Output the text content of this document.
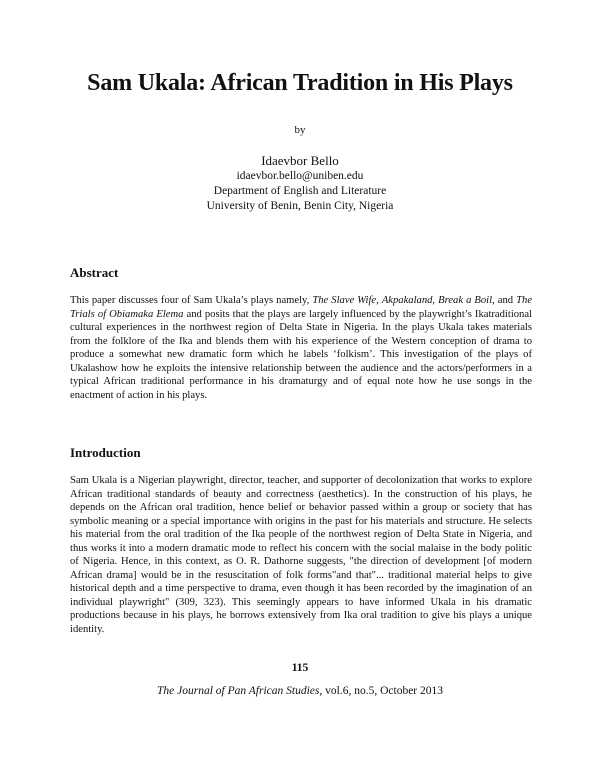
Sam Ukala: African Tradition in His Plays
by
Idaevbor Bello
idaevbor.bello@uniben.edu
Department of English and Literature
University of Benin, Benin City, Nigeria
Abstract

This paper discusses four of Sam Ukala’s plays namely, The Slave Wife, Akpakaland, Break a Boil, and The Trials of Obiamaka Elema and posits that the plays are largely influenced by the playwright’s Ikatraditional cultural experiences in the northwest region of Delta State in Nigeria. In the plays Ukala takes materials from the folklore of the Ika and blends them with his experience of the Western conception of drama to produce a somewhat new dramatic form which he labels ‘folkism’. This investigation of the plays of Ukalashow how he exploits the intensive relationship between the audience and the actors/performers in a typical African traditional performance in his dramaturgy and of equal note how he use songs in the enactment of action in his plays.

Introduction

Sam Ukala is a Nigerian playwright, director, teacher, and supporter of decolonization that works to explore African traditional standards of beauty and correctness (aesthetics). In the construction of his plays, he depends on the African oral tradition, hence belief or behavior passed within a group or society that has symbolic meaning or a special importance with origins in the past for his materials and structure. He selects his material from the oral tradition of the Ika people of the northwest region of Delta State in Nigeria, and thus works it into a modern dramatic mode to reflect his concern with the social malaise in the body politic of Nigeria. Hence, in this context, as O. R. Dathorne suggests, "the direction of development [of modern African drama] would be in the resuscitation of folk forms"and that"... traditional material helps to give historical depth and a time perspective to drama, even though it has been recorded by the imagination of an individual playwright" (309, 323). This seemingly appears to have informed Ukala in his dramatic productions because in his plays, he borrows extensively from Ika oral tradition to give his plays a unique identity.

115
The Journal of Pan African Studies, vol.6, no.5, October 2013
